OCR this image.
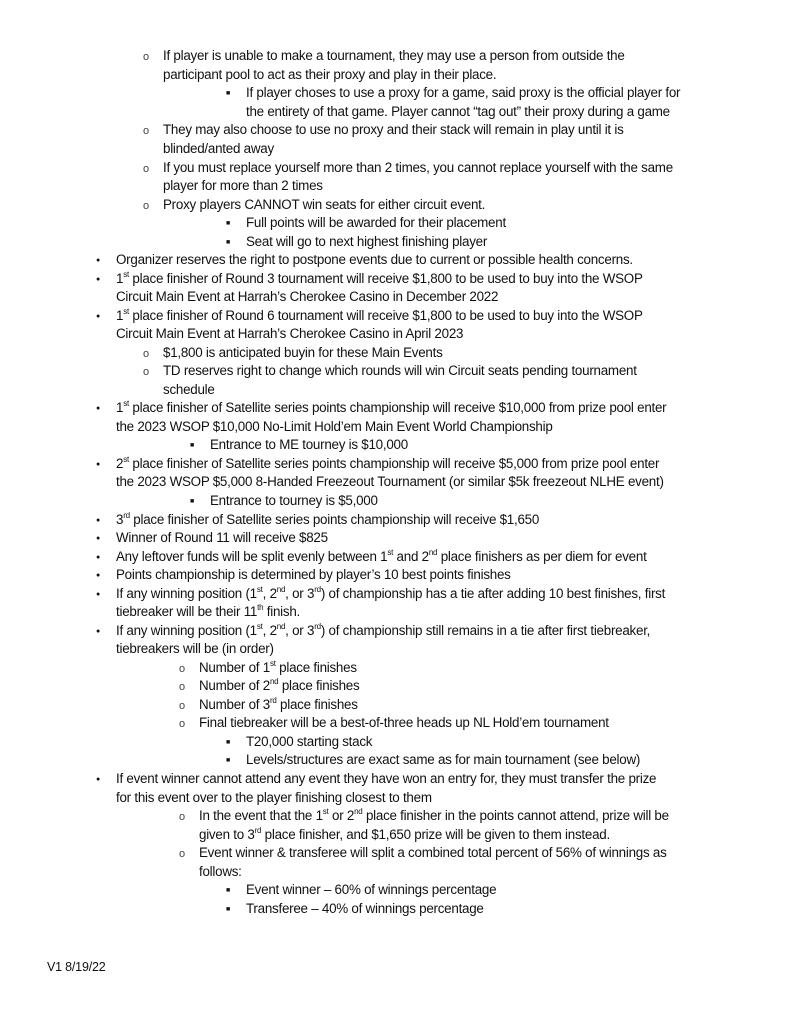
V1 8/19/22
o
If player is unable to make a tournament, they may use a person from outside the
participant pool to act as their proxy and play in their place.
■
If player choses to use a proxy for a game, said proxy is the official player for
the entirety of that game. Player cannot “tag out” their proxy during a game
o
They may also choose to use no proxy and their stack will remain in play until it is
blinded/anted away
o
If you must replace yourself more than 2 times, you cannot replace yourself with the same
player for more than 2 times
o
Proxy players CANNOT win seats for either circuit event.
■
Full points will be awarded for their placement
■
Seat will go to next highest finishing player
●
Organizer reserves the right to postpone events due to current or possible health concerns.
●
1st place finisher of Round 3 tournament will receive $1,800 to be used to buy into the WSOP
Circuit Main Event at Harrah’s Cherokee Casino in December 2022
●
1st place finisher of Round 6 tournament will receive $1,800 to be used to buy into the WSOP
Circuit Main Event at Harrah’s Cherokee Casino in April 2023
o
$1,800 is anticipated buyin for these Main Events
o
TD reserves right to change which rounds will win Circuit seats pending tournament
schedule
●
1st place finisher of Satellite series points championship will receive $10,000 from prize pool enter
the 2023 WSOP $10,000 No-Limit Hold’em Main Event World Championship
■
Entrance to ME tourney is $10,000
●
2st place finisher of Satellite series points championship will receive $5,000 from prize pool enter
the 2023 WSOP $5,000 8-Handed Freezeout Tournament (or similar $5k freezeout NLHE event)
■
Entrance to tourney is $5,000
●
3rd place finisher of Satellite series points championship will receive $1,650
●
Winner of Round 11 will receive $825
●
Any leftover funds will be split evenly between 1st and 2nd place finishers as per diem for event
●
Points championship is determined by player’s 10 best points finishes
●
If any winning position (1st, 2nd, or 3rd) of championship has a tie after adding 10 best finishes, first
tiebreaker will be their 11th finish.
●
If any winning position (1st, 2nd, or 3rd) of championship still remains in a tie after first tiebreaker,
tiebreakers will be (in order)
o
Number of 1st place finishes
o
Number of 2nd place finishes
o
Number of 3rd place finishes
o
Final tiebreaker will be a best-of-three heads up NL Hold’em tournament
■
T20,000 starting stack
■
Levels/structures are exact same as for main tournament (see below)
●
If event winner cannot attend any event they have won an entry for, they must transfer the prize
for this event over to the player finishing closest to them
o
In the event that the 1st or 2nd place finisher in the points cannot attend, prize will be
given to 3rd place finisher, and $1,650 prize will be given to them instead.
o
Event winner & transferee will split a combined total percent of 56% of winnings as
follows:
■
Event winner – 60% of winnings percentage
■
Transferee – 40% of winnings percentage
